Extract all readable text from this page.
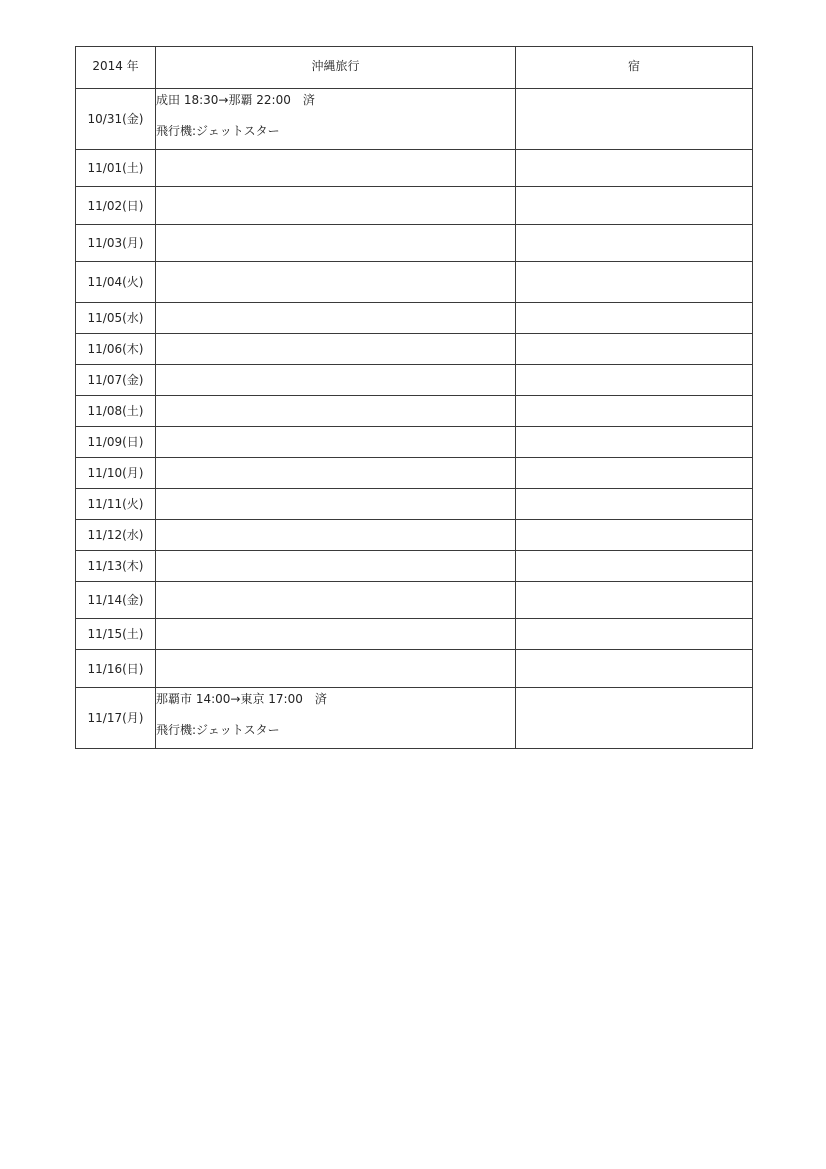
2014 年	沖縄旅行	宿
10/31(金)	成田 18:30→那覇 22:00　済
飛行機:ジェットスター	

11/01(土)		
11/02(日)		
11/03(月)		
11/04(火)		
11/05(水)		
11/06(木)		
11/07(金)		
11/08(土)		
11/09(日)		
11/10(月)		
11/11(火)		
11/12(水)		
11/13(木)		
11/14(金)		
11/15(土)		
11/16(日)		
11/17(月)	那覇市 14:00→東京 17:00　済
飛行機:ジェットスター	
